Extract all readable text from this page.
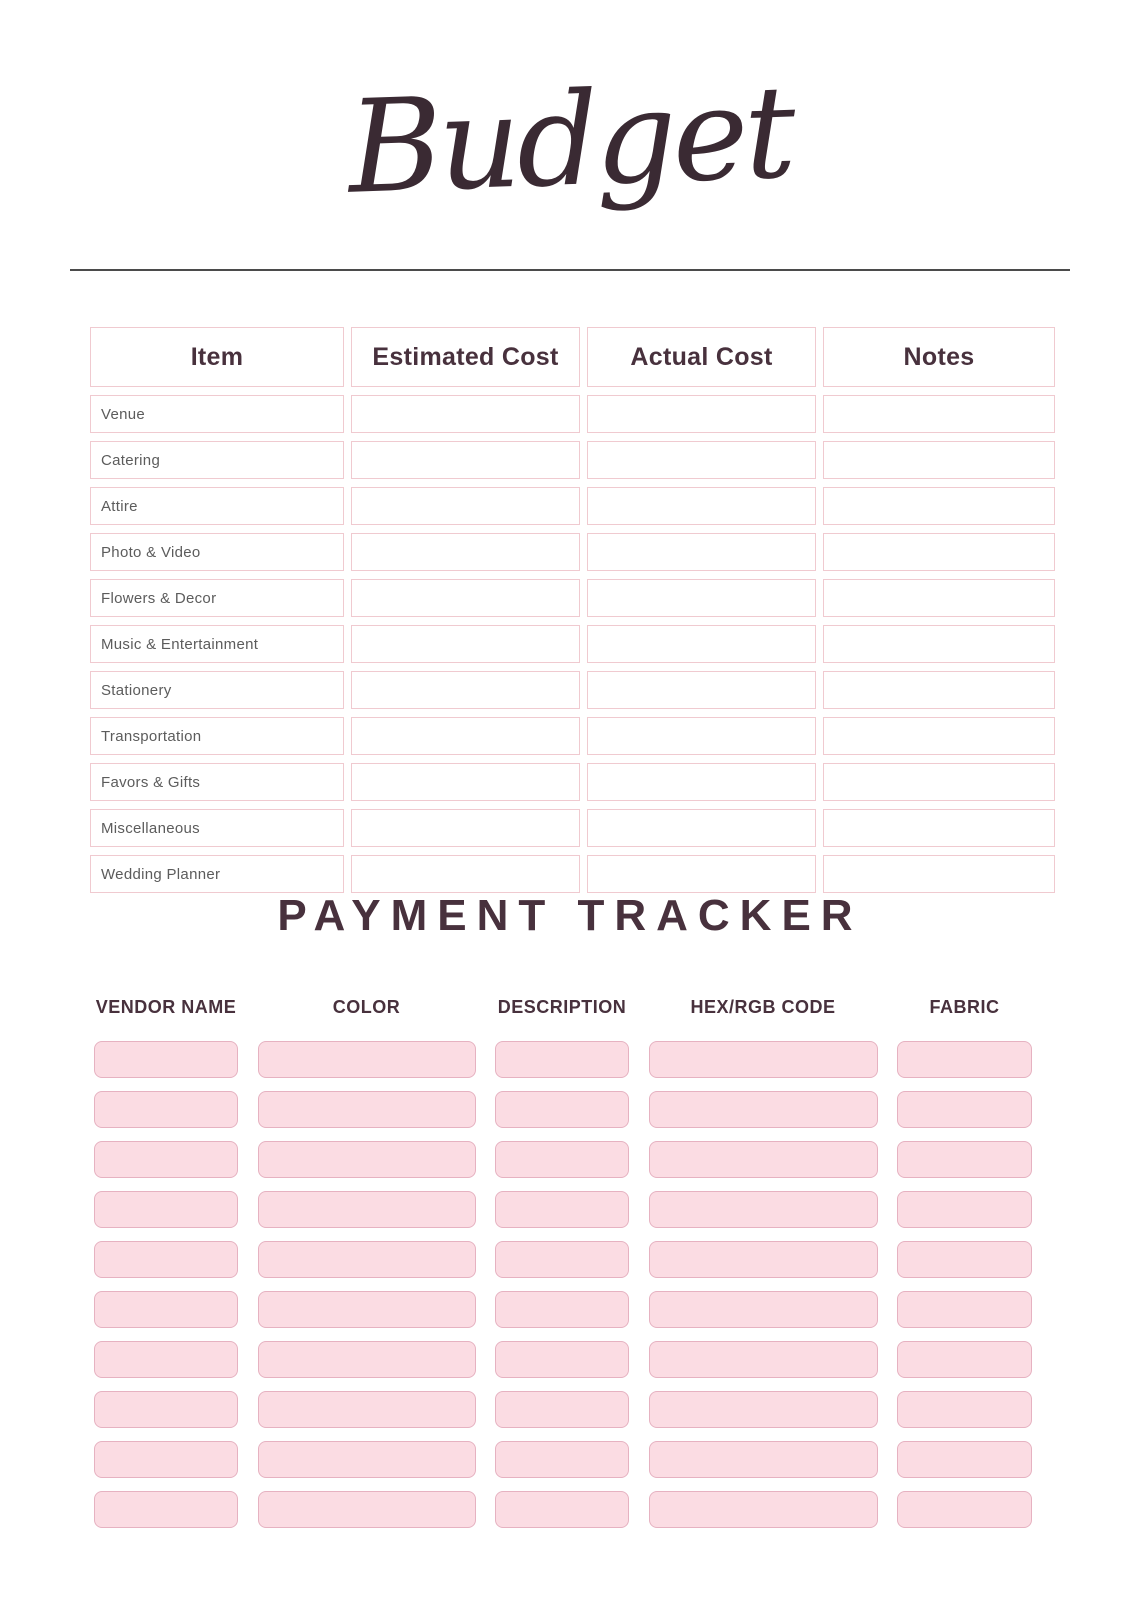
Budget
Item	Estimated Cost	Actual Cost	Notes
Venue
Catering
Attire
Photo & Video
Flowers & Decor
Music & Entertainment
Stationery
Transportation
Favors & Gifts
Miscellaneous
Wedding Planner
PAYMENT TRACKER
VENDOR NAME	COLOR	DESCRIPTION	HEX/RGB CODE	FABRIC
